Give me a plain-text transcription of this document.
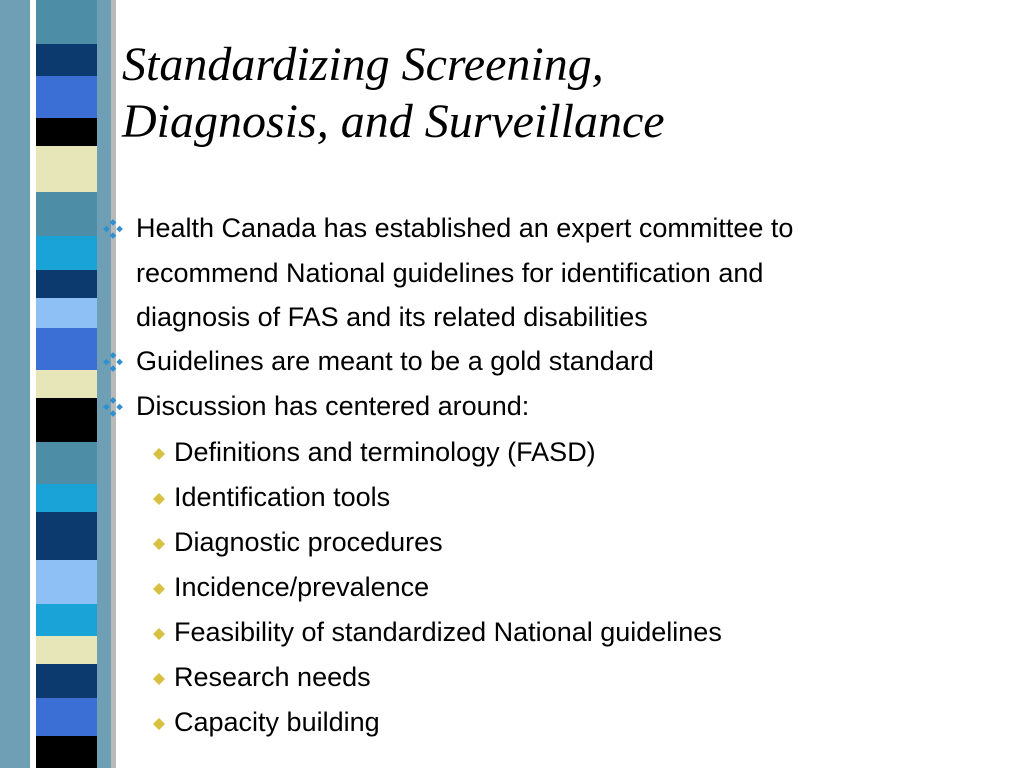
Standardizing Screening,
Diagnosis, and Surveillance
Health Canada has established an expert committee to
recommend National guidelines for identification and
diagnosis of FAS and its related disabilities
Guidelines are meant to be a gold standard
Discussion has centered around:
Definitions and terminology (FASD)
Identification tools
Diagnostic procedures
Incidence/prevalence
Feasibility of standardized National guidelines
Research needs
Capacity building
